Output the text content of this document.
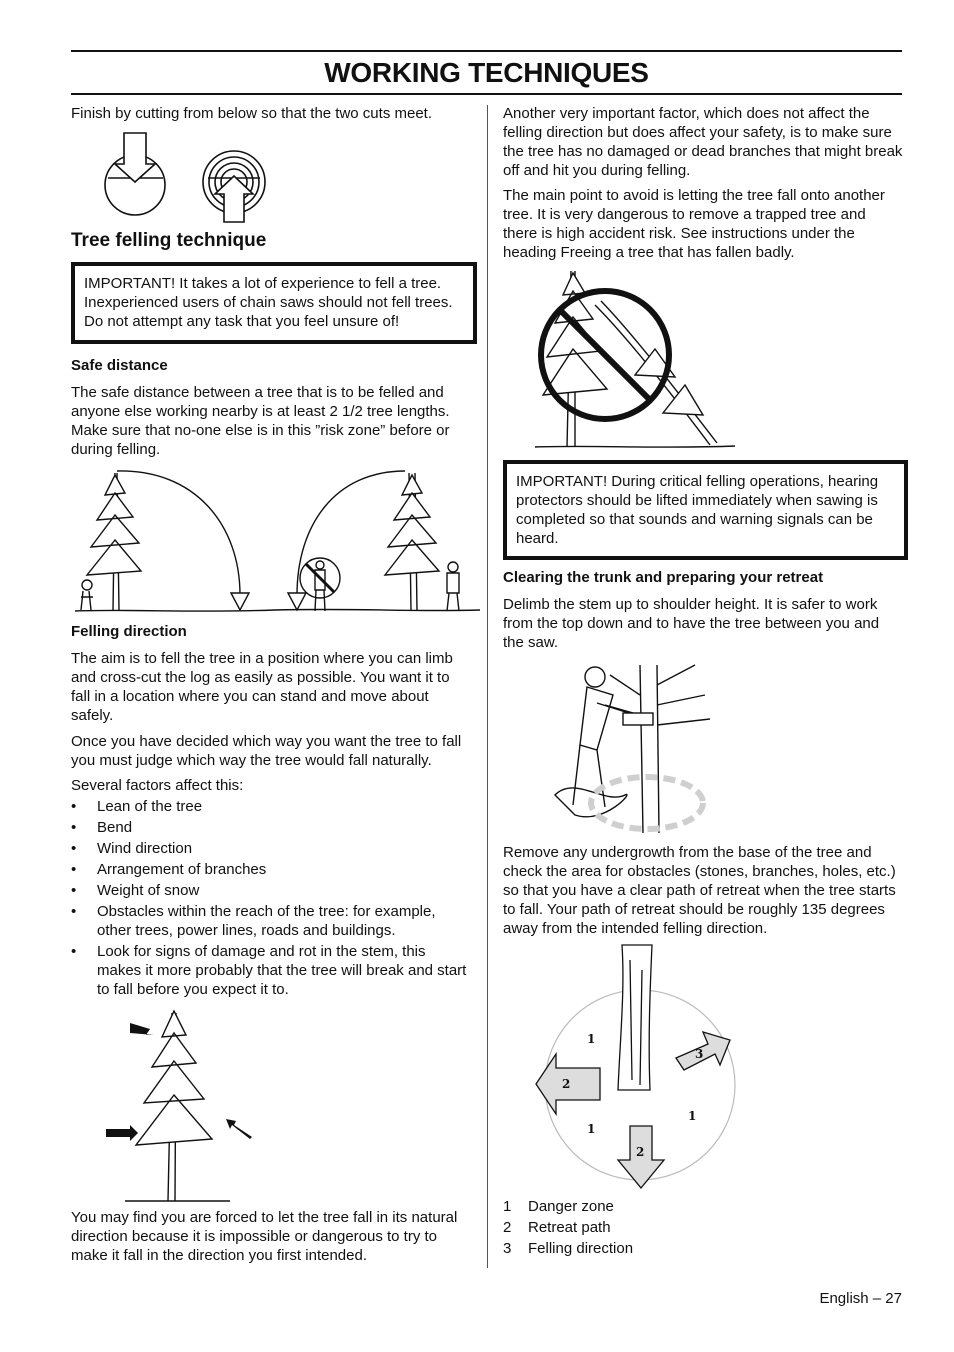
WORKING TECHNIQUES

Finish by cutting from below so that the two cuts meet.

Tree felling technique
IMPORTANT! It takes a lot of experience to fell a tree. Inexperienced users of chain saws should not fell trees. Do not attempt any task that you feel unsure of!
Safe distance

The safe distance between a tree that is to be felled and anyone else working nearby is at least 2 1/2 tree lengths. Make sure that no-one else is in this ”risk zone” before or during felling.

Felling direction

The aim is to fell the tree in a position where you can limb and cross-cut the log as easily as possible. You want it to fall in a location where you can stand and move about safely.

Once you have decided which way you want the tree to fall you must judge which way the tree would fall naturally.

Several factors affect this:

• Lean of the tree
• Bend
• Wind direction
• Arrangement of branches
• Weight of snow
• Obstacles within the reach of the tree: for example, other trees, power lines, roads and buildings.
• Look for signs of damage and rot in the stem, this makes it more probably that the tree will break and start to fall before you expect it to.

You may find you are forced to let the tree fall in its natural direction because it is impossible or dangerous to try to make it fall in the direction you first intended.

Another very important factor, which does not affect the felling direction but does affect your safety, is to make sure the tree has no damaged or dead branches that might break off and hit you during felling.

The main point to avoid is letting the tree fall onto another tree. It is very dangerous to remove a trapped tree and there is high accident risk. See instructions under the heading Freeing a tree that has fallen badly.

IMPORTANT! During critical felling operations, hearing protectors should be lifted immediately when sawing is completed so that sounds and warning signals can be heard.
Clearing the trunk and preparing your retreat

Delimb the stem up to shoulder height. It is safer to work from the top down and to have the tree between you and the saw.

Remove any undergrowth from the base of the tree and check the area for obstacles (stones, branches, holes, etc.) so that you have a clear path of retreat when the tree starts to fall. Your path of retreat should be roughly 135 degrees away from the intended felling direction.

1
1
1
2
2
3
1 Danger zone
2 Retreat path
3 Felling direction
English – 27
